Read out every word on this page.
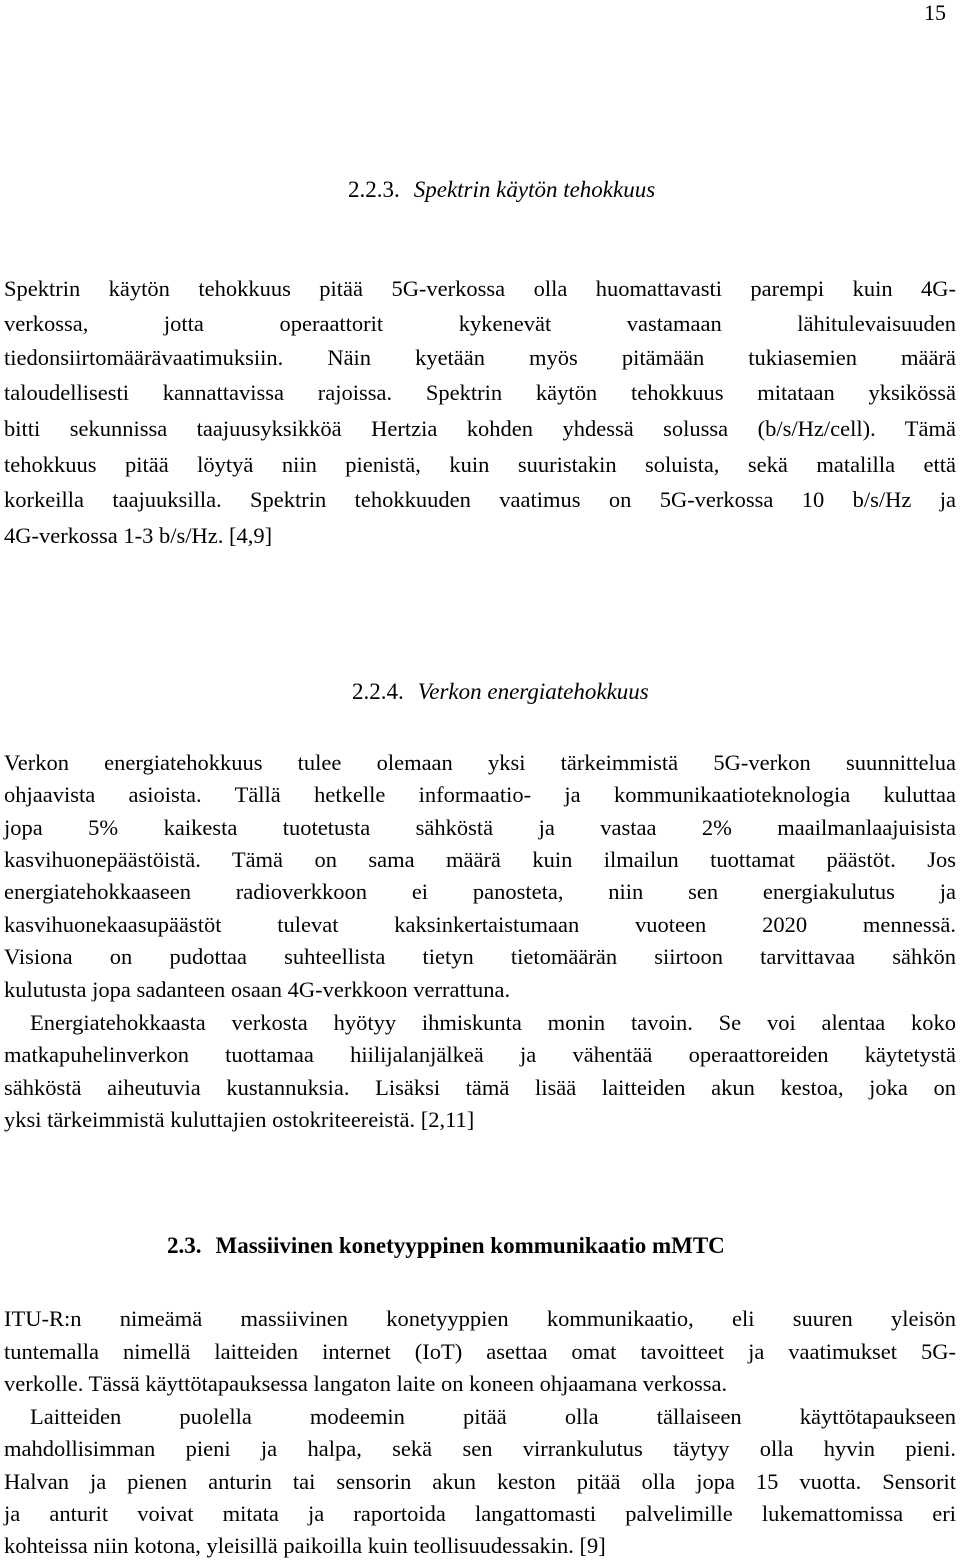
15
2.2.3. Spektrin käytön tehokkuus
Spektrin käytön tehokkuus pitää 5G-verkossa olla huomattavasti parempi kuin 4G-
verkossa, jotta operaattorit kykenevät vastamaan lähitulevaisuuden
tiedonsiirtomäärävaatimuksiin. Näin kyetään myös pitämään tukiasemien määrä
taloudellisesti kannattavissa rajoissa. Spektrin käytön tehokkuus mitataan yksikössä
bitti sekunnissa taajuusyksikköä Hertzia kohden yhdessä solussa (b/s/Hz/cell). Tämä
tehokkuus pitää löytyä niin pienistä, kuin suuristakin soluista, sekä matalilla että
korkeilla taajuuksilla. Spektrin tehokkuuden vaatimus on 5G-verkossa 10 b/s/Hz ja
4G-verkossa 1-3 b/s/Hz. [4,9]
2.2.4. Verkon energiatehokkuus
Verkon energiatehokkuus tulee olemaan yksi tärkeimmistä 5G-verkon suunnittelua
ohjaavista asioista. Tällä hetkelle informaatio- ja kommunikaatioteknologia kuluttaa
jopa 5% kaikesta tuotetusta sähköstä ja vastaa 2% maailmanlaajuisista
kasvihuonepäästöistä. Tämä on sama määrä kuin ilmailun tuottamat päästöt. Jos
energiatehokkaaseen radioverkkoon ei panosteta, niin sen energiakulutus ja
kasvihuonekaasupäästöt tulevat kaksinkertaistumaan vuoteen 2020 mennessä.
Visiona on pudottaa suhteellista tietyn tietomäärän siirtoon tarvittavaa sähkön
kulutusta jopa sadanteen osaan 4G-verkkoon verrattuna.
Energiatehokkaasta verkosta hyötyy ihmiskunta monin tavoin. Se voi alentaa koko
matkapuhelinverkon tuottamaa hiilijalanjälkeä ja vähentää operaattoreiden käytetystä
sähköstä aiheutuvia kustannuksia. Lisäksi tämä lisää laitteiden akun kestoa, joka on
yksi tärkeimmistä kuluttajien ostokriteereistä. [2,11]
2.3. Massiivinen konetyyppinen kommunikaatio mMTC
ITU-R:n nimeämä massiivinen konetyyppien kommunikaatio, eli suuren yleisön
tuntemalla nimellä laitteiden internet (IoT) asettaa omat tavoitteet ja vaatimukset 5G-
verkolle. Tässä käyttötapauksessa langaton laite on koneen ohjaamana verkossa.
Laitteiden puolella modeemin pitää olla tällaiseen käyttötapaukseen
mahdollisimman pieni ja halpa, sekä sen virrankulutus täytyy olla hyvin pieni.
Halvan ja pienen anturin tai sensorin akun keston pitää olla jopa 15 vuotta. Sensorit
ja anturit voivat mitata ja raportoida langattomasti palvelimille lukemattomissa eri
kohteissa niin kotona, yleisillä paikoilla kuin teollisuudessakin. [9]
